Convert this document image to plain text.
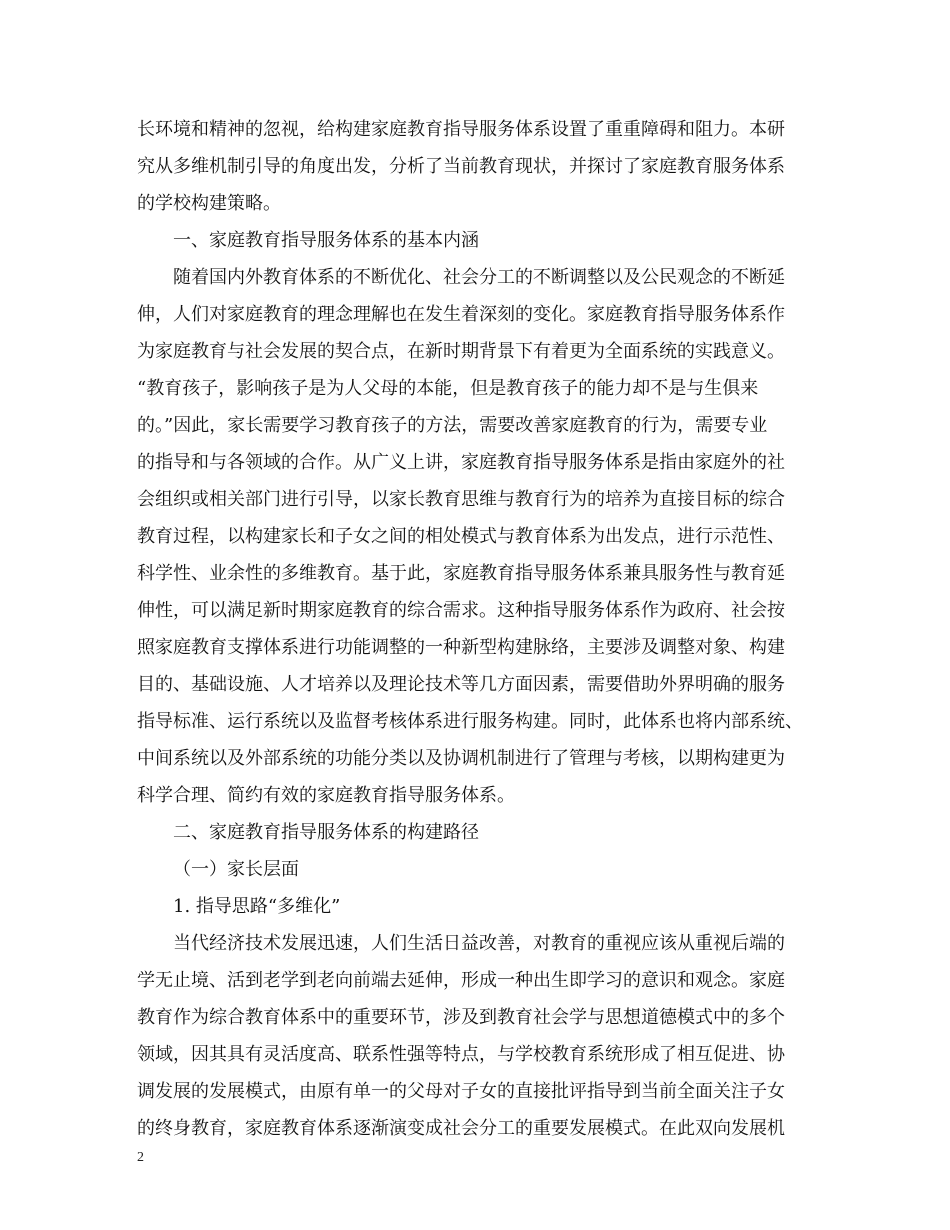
长环境和精神的忽视，给构建家庭教育指导服务体系设置了重重障碍和阻力。本研
究从多维机制引导的角度出发，分析了当前教育现状，并探讨了家庭教育服务体系
的学校构建策略。
一、家庭教育指导服务体系的基本内涵
随着国内外教育体系的不断优化、社会分工的不断调整以及公民观念的不断延
伸，人们对家庭教育的理念理解也在发生着深刻的变化。家庭教育指导服务体系作
为家庭教育与社会发展的契合点，在新时期背景下有着更为全面系统的实践意义。
“教育孩子，影响孩子是为人父母的本能，但是教育孩子的能力却不是与生俱来
的。”因此，家长需要学习教育孩子的方法，需要改善家庭教育的行为，需要专业
的指导和与各领域的合作。从广义上讲，家庭教育指导服务体系是指由家庭外的社
会组织或相关部门进行引导，以家长教育思维与教育行为的培养为直接目标的综合
教育过程，以构建家长和子女之间的相处模式与教育体系为出发点，进行示范性、
科学性、业余性的多维教育。基于此，家庭教育指导服务体系兼具服务性与教育延
伸性，可以满足新时期家庭教育的综合需求。这种指导服务体系作为政府、社会按
照家庭教育支撑体系进行功能调整的一种新型构建脉络，主要涉及调整对象、构建
目的、基础设施、人才培养以及理论技术等几方面因素，需要借助外界明确的服务
指导标准、运行系统以及监督考核体系进行服务构建。同时，此体系也将内部系统、
中间系统以及外部系统的功能分类以及协调机制进行了管理与考核，以期构建更为
科学合理、简约有效的家庭教育指导服务体系。
二、家庭教育指导服务体系的构建路径
（一）家长层面
1. 指导思路“多维化”
当代经济技术发展迅速，人们生活日益改善，对教育的重视应该从重视后端的
学无止境、活到老学到老向前端去延伸，形成一种出生即学习的意识和观念。家庭
教育作为综合教育体系中的重要环节，涉及到教育社会学与思想道德模式中的多个
领域，因其具有灵活度高、联系性强等特点，与学校教育系统形成了相互促进、协
调发展的发展模式，由原有单一的父母对子女的直接批评指导到当前全面关注子女
的终身教育，家庭教育体系逐渐演变成社会分工的重要发展模式。在此双向发展机
2
